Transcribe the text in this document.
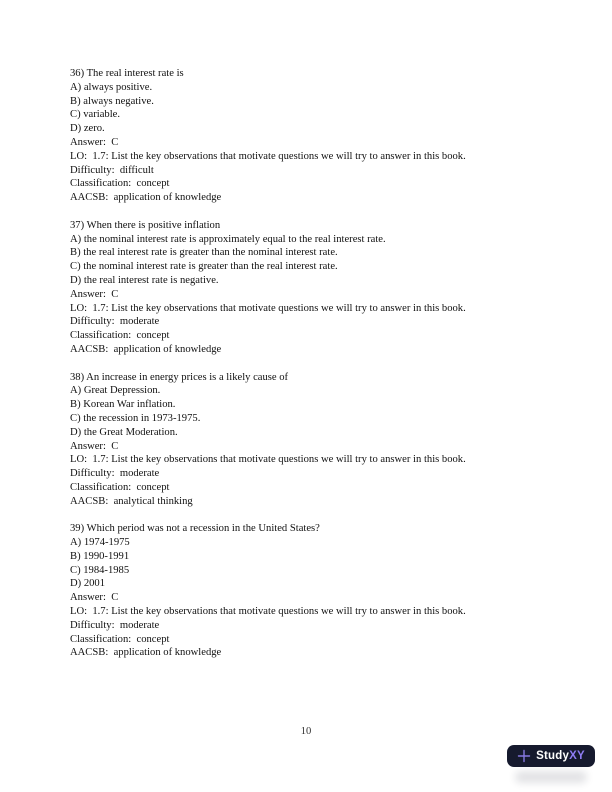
36) The real interest rate is
A) always positive.
B) always negative.
C) variable.
D) zero.
Answer:  C
LO:  1.7: List the key observations that motivate questions we will try to answer in this book.
Difficulty:  difficult
Classification:  concept
AACSB:  application of knowledge
37) When there is positive inflation
A) the nominal interest rate is approximately equal to the real interest rate.
B) the real interest rate is greater than the nominal interest rate.
C) the nominal interest rate is greater than the real interest rate.
D) the real interest rate is negative.
Answer:  C
LO:  1.7: List the key observations that motivate questions we will try to answer in this book.
Difficulty:  moderate
Classification:  concept
AACSB:  application of knowledge
38) An increase in energy prices is a likely cause of
A) Great Depression.
B) Korean War inflation.
C) the recession in 1973-1975.
D) the Great Moderation.
Answer:  C
LO:  1.7: List the key observations that motivate questions we will try to answer in this book.
Difficulty:  moderate
Classification:  concept
AACSB:  analytical thinking
39) Which period was not a recession in the United States?
A) 1974-1975
B) 1990-1991
C) 1984-1985
D) 2001
Answer:  C
LO:  1.7: List the key observations that motivate questions we will try to answer in this book.
Difficulty:  moderate
Classification:  concept
AACSB:  application of knowledge
10
StudyXY
